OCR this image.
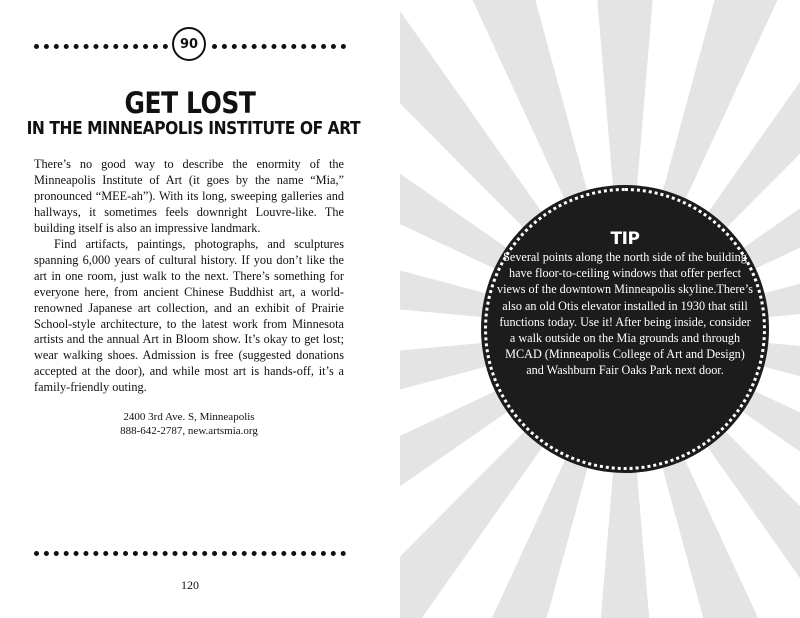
90
GET LOST
IN THE MINNEAPOLIS INSTITUTE OF ART

There’s no good way to describe the enormity of the Minneapolis Institute of Art (it goes by the name “Mia,” pronounced “MEE-ah”). With its long, sweeping galleries and hallways, it sometimes feels downright Louvre-like. The building itself is also an impressive landmark.

Find artifacts, paintings, photographs, and sculptures spanning 6,000 years of cultural history. If you don’t like the art in one room, just walk to the next. There’s something for everyone here, from ancient Chinese Buddhist art, a world-renowned Japanese art collection, and an exhibit of Prairie School-style architecture, to the latest work from Minnesota artists and the annual Art in Bloom show. It’s okay to get lost; wear walking shoes. Admission is free (suggested donations accepted at the door), and while most art is hands-off, it’s a family-friendly outing.

2400 3rd Ave. S, Minneapolis

888-642-2787, new.artsmia.org

120

TIP

Several points along the north side of the building have floor-to-ceiling windows that offer perfect views of the downtown Minneapolis skyline.There’s also an old Otis elevator installed in 1930 that still functions today. Use it! After being inside, consider a walk outside on the Mia grounds and through MCAD (Minneapolis College of Art and Design) and Washburn Fair Oaks Park next door.
